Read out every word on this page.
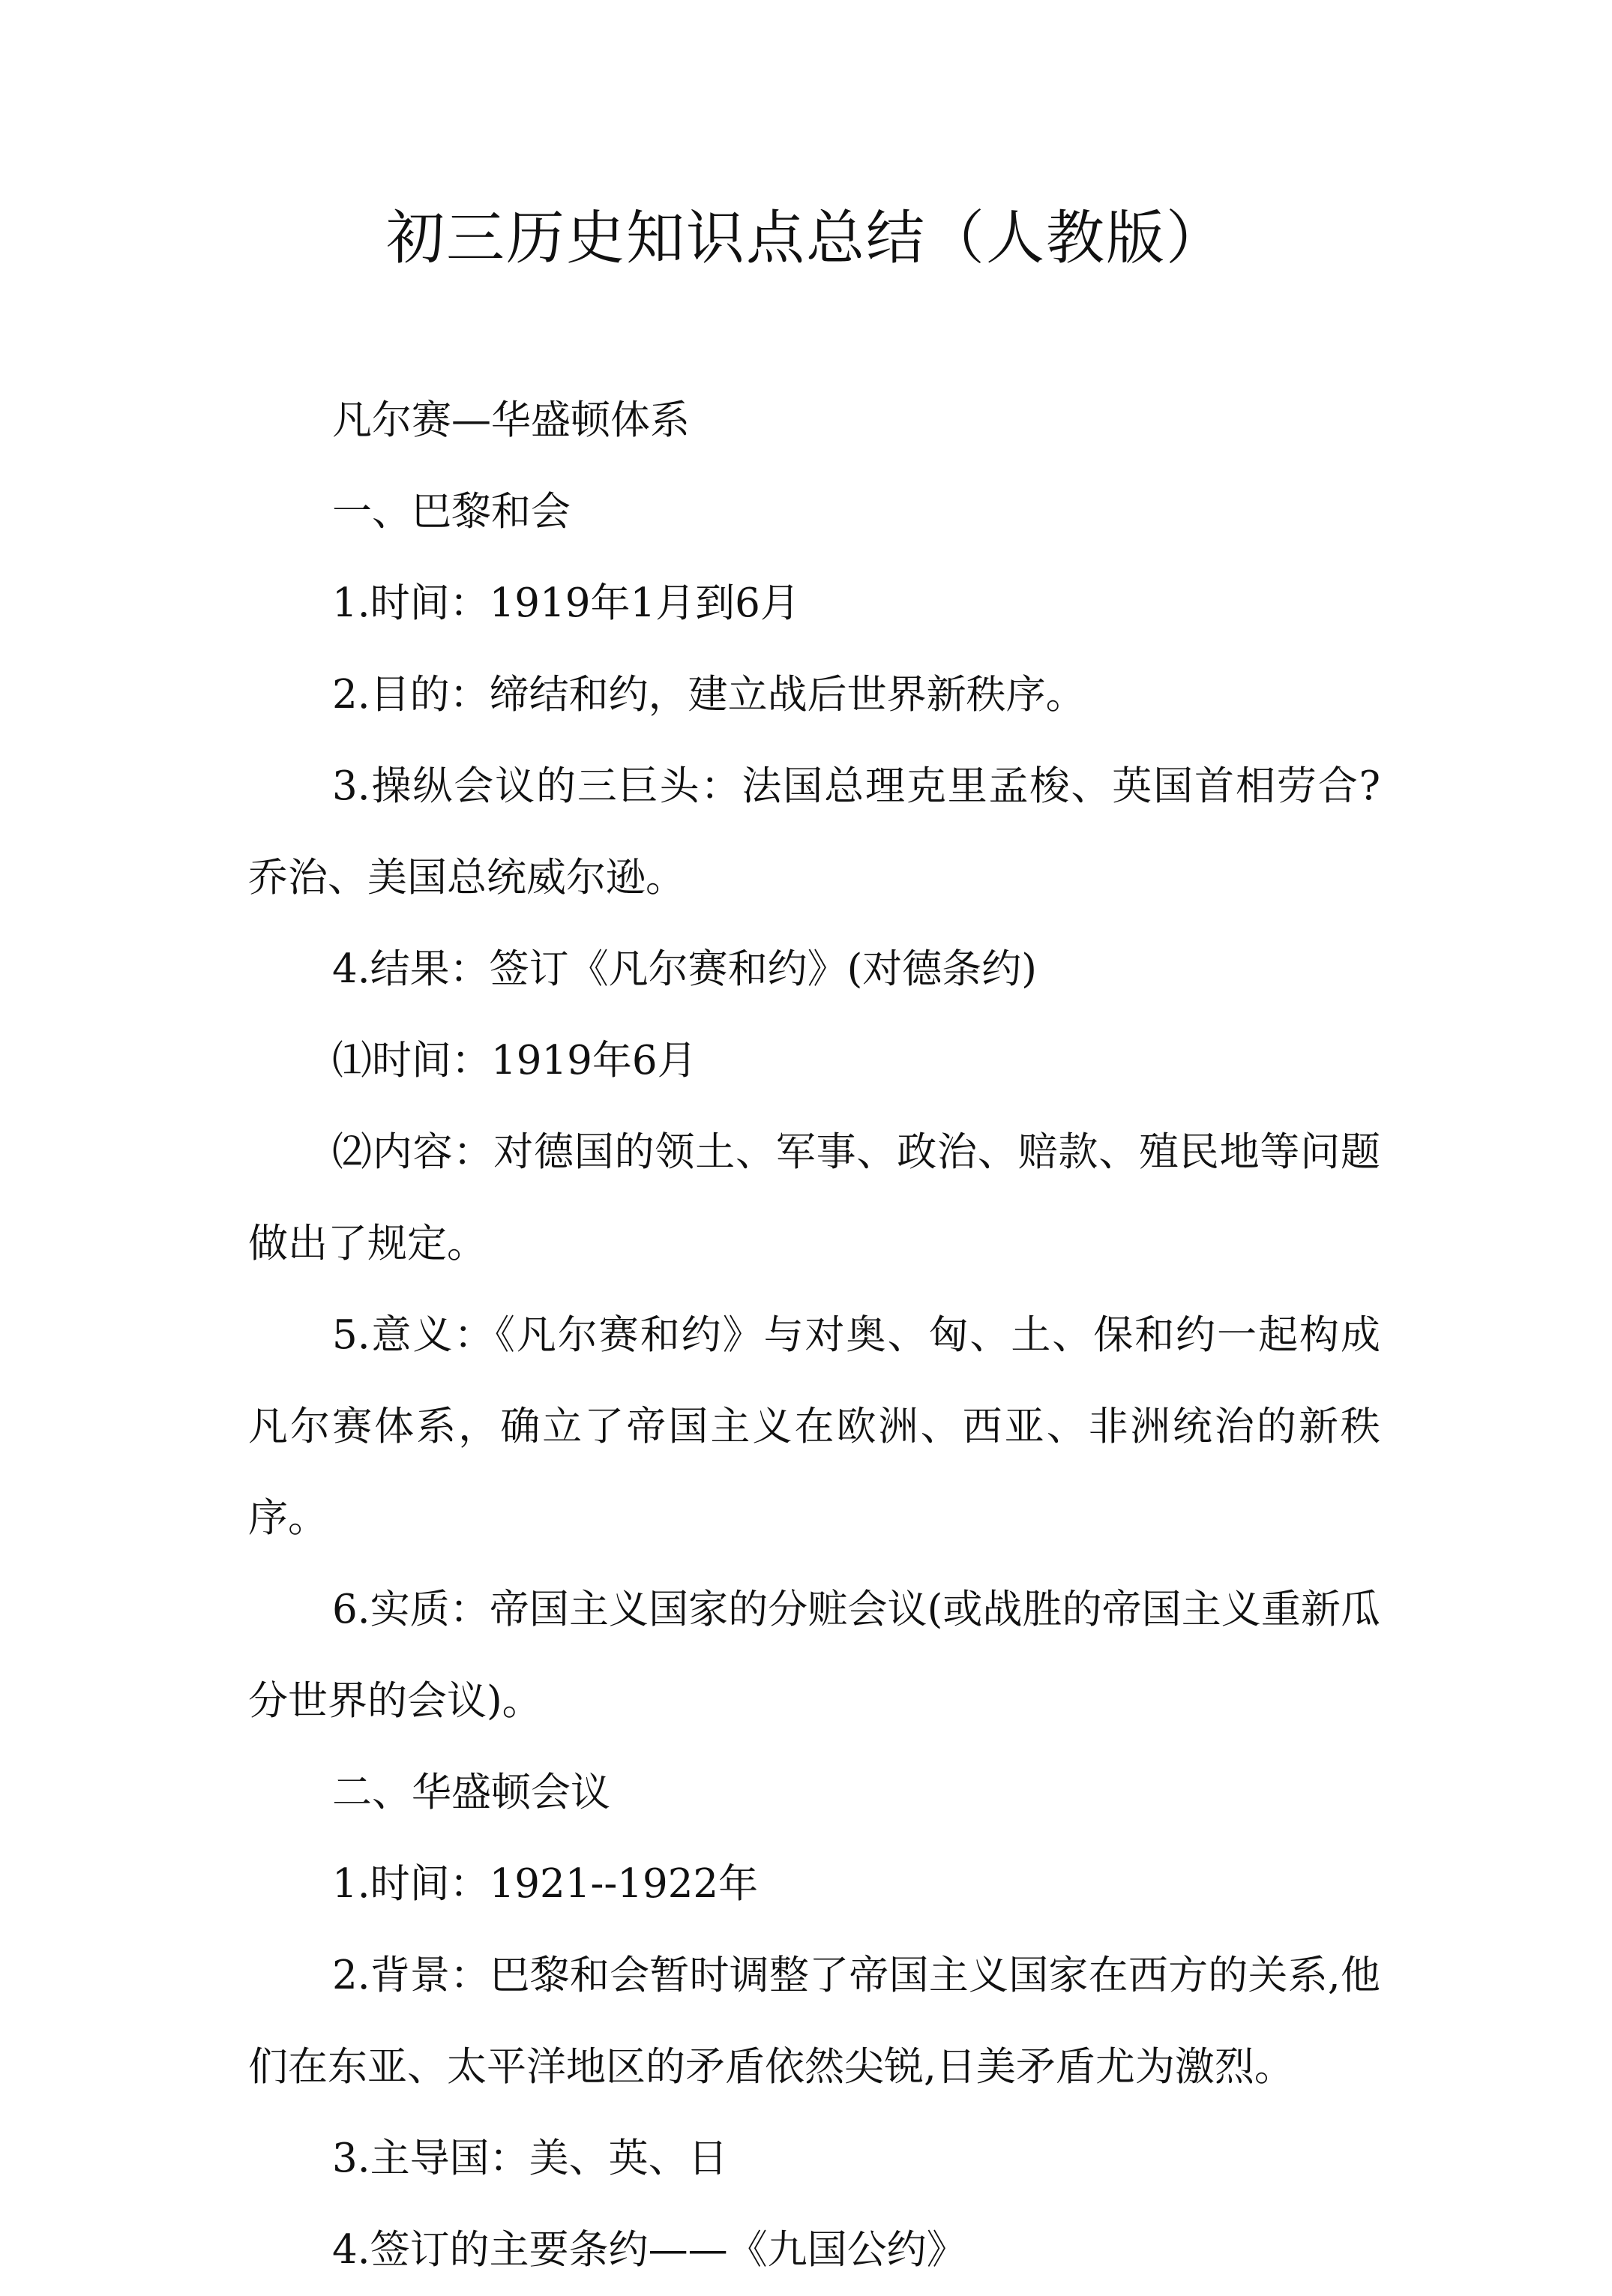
初三历史知识点总结（人教版）

凡尔赛—华盛顿体系

一、巴黎和会

1.时间：1919年1月到6月

2.目的：缔结和约，建立战后世界新秩序。

3.操纵会议的三巨头：法国总理克里孟梭、英国首相劳合?乔治、美国总统威尔逊。

4.结果：签订《凡尔赛和约》(对德条约)

⑴时间：1919年6月

⑵内容：对德国的领土、军事、政治、赔款、殖民地等问题做出了规定。

5.意义：《凡尔赛和约》与对奥、匈、土、保和约一起构成凡尔赛体系，确立了帝国主义在欧洲、西亚、非洲统治的新秩序。

6.实质：帝国主义国家的分赃会议(或战胜的帝国主义重新瓜分世界的会议)。

二、华盛顿会议

1.时间：1921--1922年

2.背景：巴黎和会暂时调整了帝国主义国家在西方的关系,他们在东亚、太平洋地区的矛盾依然尖锐,日美矛盾尤为激烈。

3.主导国：美、英、日

4.签订的主要条约——《九国公约》
